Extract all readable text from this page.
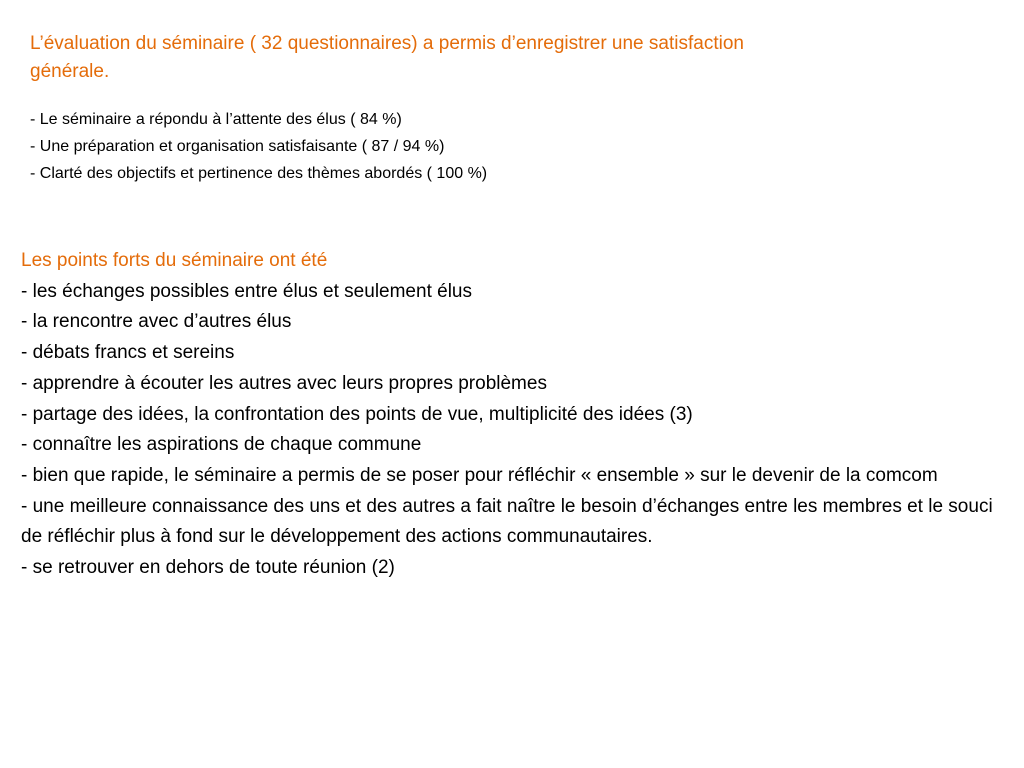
L’évaluation du séminaire ( 32 questionnaires) a permis d’enregistrer une satisfaction générale.

- Le séminaire a répondu à l’attente des élus ( 84 %)
- Une préparation et organisation satisfaisante ( 87 / 94 %)
- Clarté des objectifs et pertinence des thèmes abordés ( 100 %)

Les points forts du séminaire ont été

- les échanges possibles entre élus et seulement élus
- la rencontre avec d’autres élus
- débats francs et sereins
- apprendre à écouter les autres avec leurs propres problèmes
- partage des idées, la confrontation des points de vue, multiplicité des idées (3)
- connaître les aspirations de chaque commune
- bien que rapide, le séminaire a permis de se poser pour réfléchir « ensemble » sur le devenir de la comcom
- une meilleure connaissance des uns et des autres a fait naître le besoin d’échanges entre les membres et le souci de réfléchir plus à fond sur le développement des actions communautaires.
- se retrouver en dehors de toute réunion (2)
